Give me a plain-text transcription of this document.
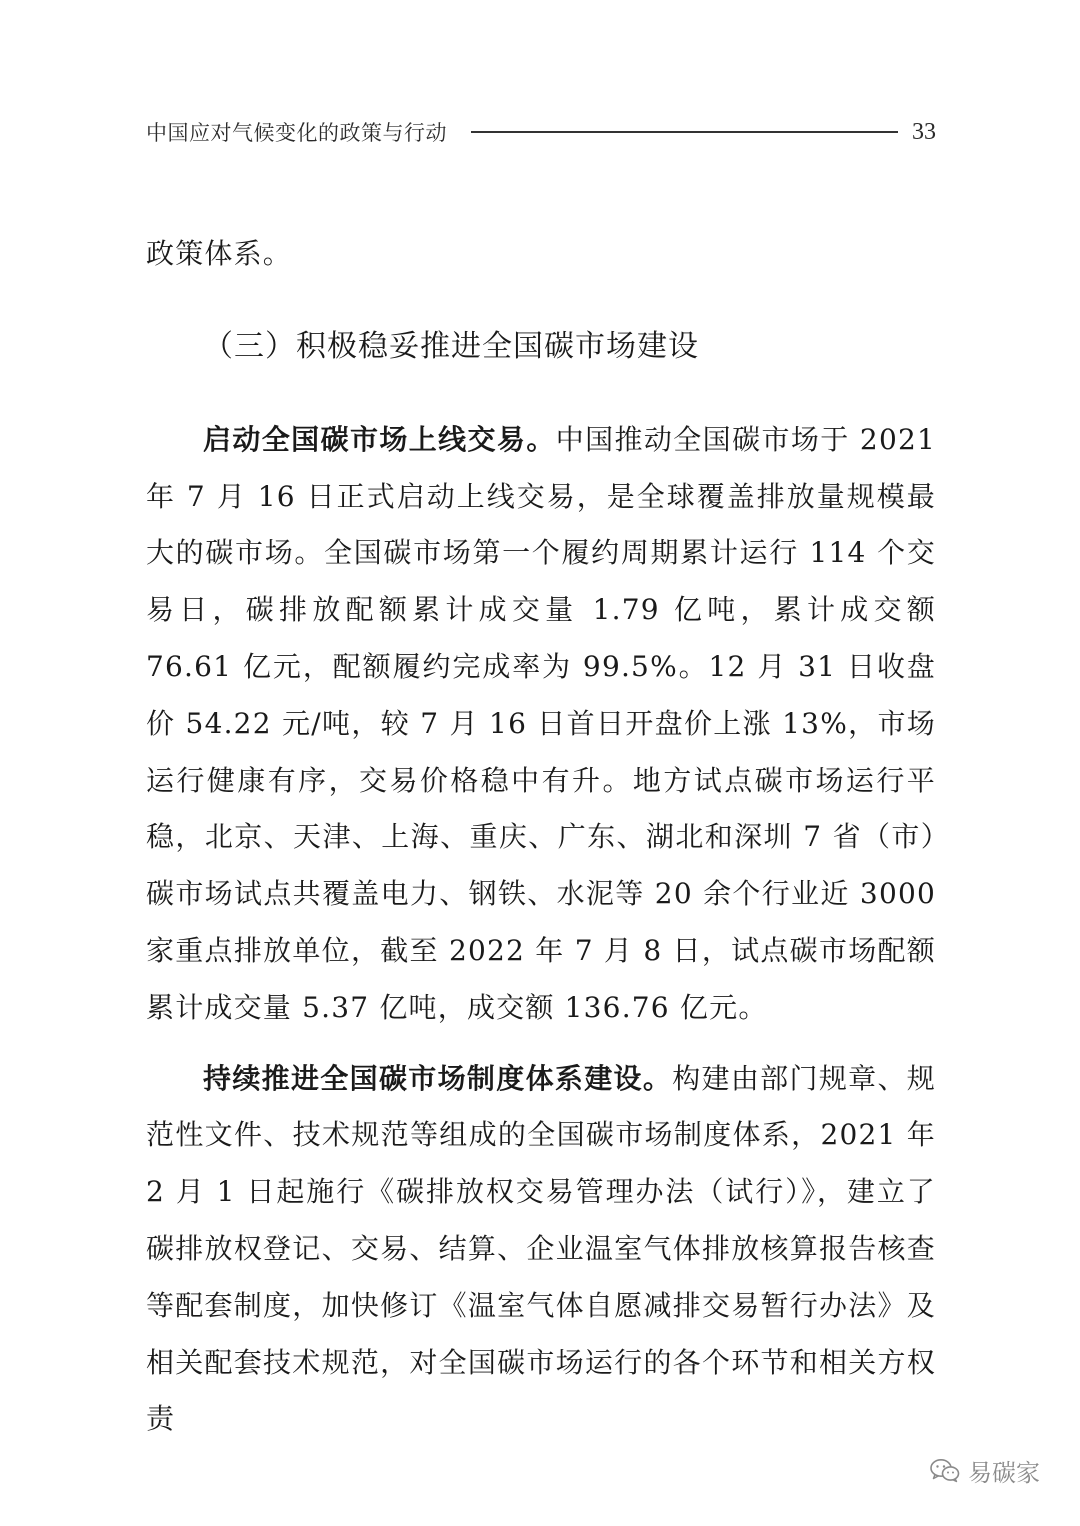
中国应对气候变化的政策与行动	33

政策体系。

（三）积极稳妥推进全国碳市场建设

启动全国碳市场上线交易。中国推动全国碳市场于 2021 年 7 月 16 日正式启动上线交易，是全球覆盖排放量规模最大的碳市场。全国碳市场第一个履约周期累计运行 114 个交易日，碳排放配额累计成交量 1.79 亿吨，累计成交额 76.61 亿元，配额履约完成率为 99.5%。12 月 31 日收盘价 54.22 元/吨，较 7 月 16 日首日开盘价上涨 13%，市场运行健康有序，交易价格稳中有升。地方试点碳市场运行平稳，北京、天津、上海、重庆、广东、湖北和深圳 7 省（市）碳市场试点共覆盖电力、钢铁、水泥等 20 余个行业近 3000 家重点排放单位，截至 2022 年 7 月 8 日，试点碳市场配额累计成交量 5.37 亿吨，成交额 136.76 亿元。

持续推进全国碳市场制度体系建设。构建由部门规章、规范性文件、技术规范等组成的全国碳市场制度体系，2021 年 2 月 1 日起施行《碳排放权交易管理办法（试行）》，建立了碳排放权登记、交易、结算、企业温室气体排放核算报告核查等配套制度，加快修订《温室气体自愿减排交易暂行办法》及相关配套技术规范，对全国碳市场运行的各个环节和相关方权责

易碳家
